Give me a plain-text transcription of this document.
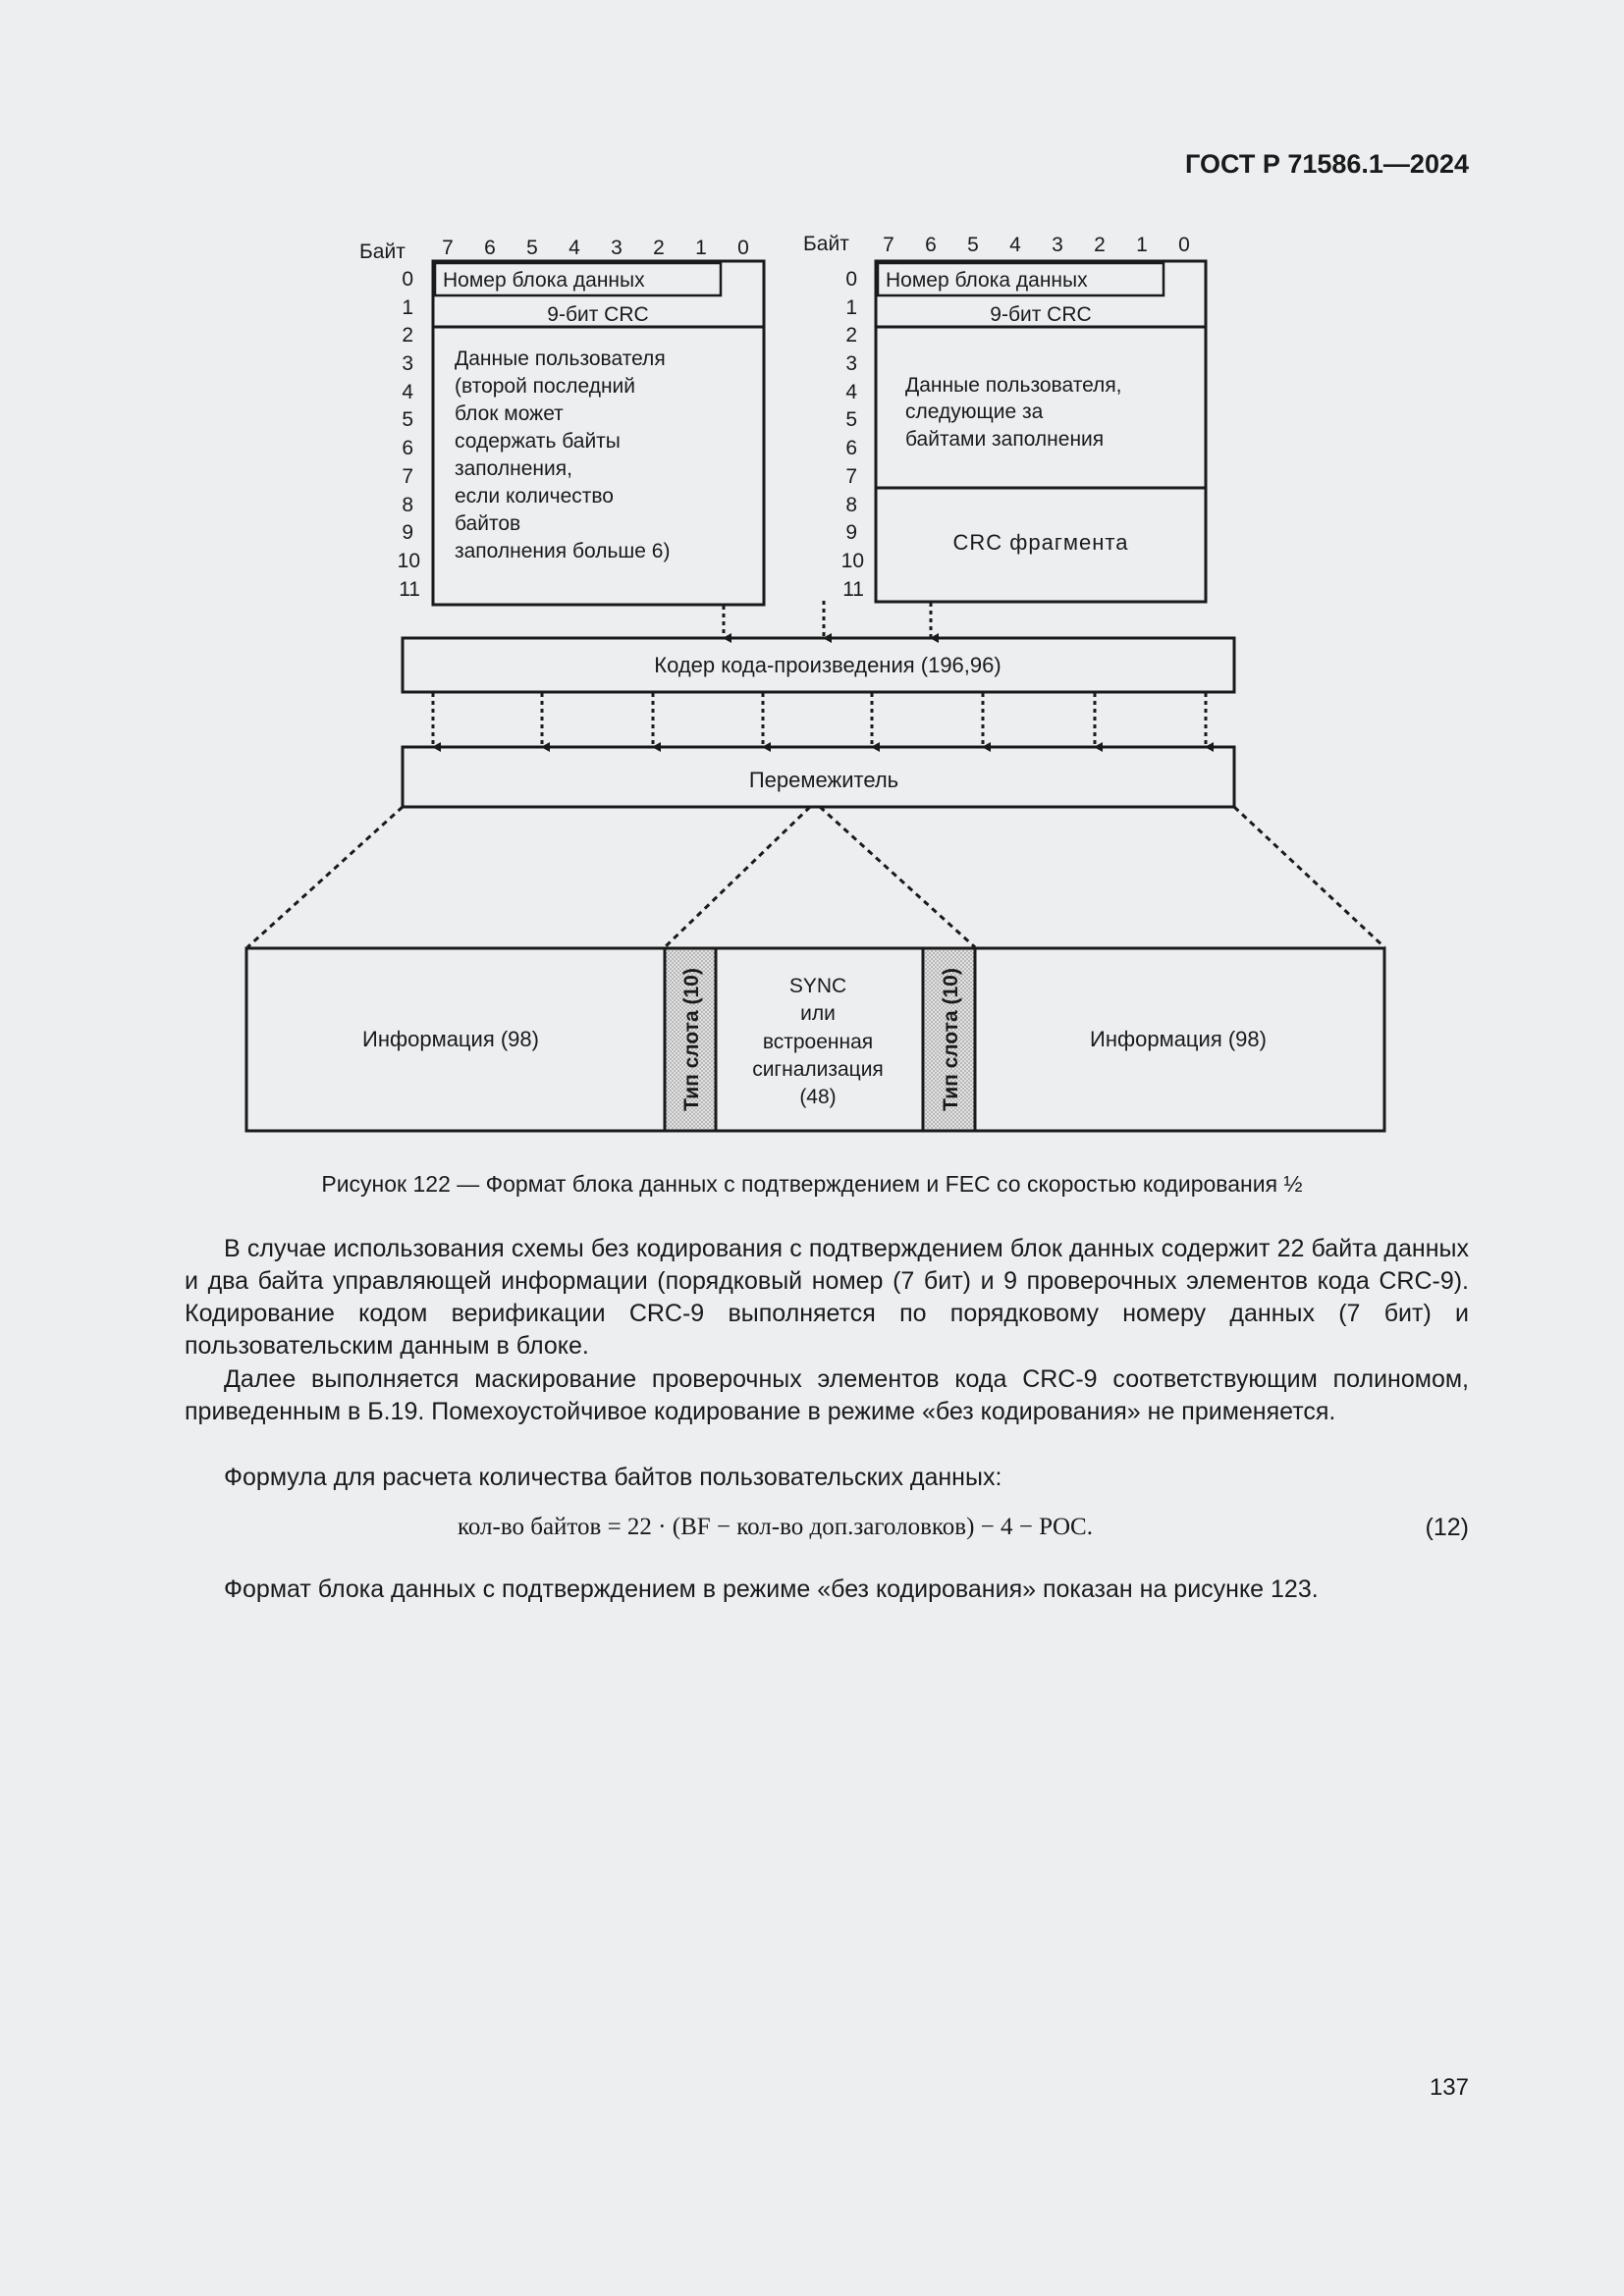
ГОСТ Р 71586.1—2024
Байт 7 6 5 4 3 2 1 0
0
1
2
3
4
5
6
7
8
9
10
11
Номер блока данных
9-бит CRC
Данные пользователя
(второй последний
блок может
содержать байты
заполнения,
если количество
байтов
заполнения больше 6)
Байт 7 6 5 4 3 2 1 0
0
1
2
3
4
5
6
7
8
9
10
11
Номер блока данных
9-бит CRC
Данные пользователя,
следующие за
байтами заполнения
CRC фрагмента
Кодер кода-произведения (196,96)
Перемежитель
Информация (98)	Тип слота (10)	SYNC
или
встроенная
сигнализация
(48)	Тип слота (10)	Информация (98)
Рисунок 122 — Формат блока данных с подтверждением и FEC со скоростью кодирования ½
В случае использования схемы без кодирования с подтверждением блок данных содержит 22 байта данных и два байта управляющей информации (порядковый номер (7 бит) и 9 проверочных элементов кода CRC-9). Кодирование кодом верификации CRC-9 выполняется по порядковому номеру данных (7 бит) и пользовательским данным в блоке.
Далее выполняется маскирование проверочных элементов кода CRC-9 соответствующим полиномом, приведенным в Б.19. Помехоустойчивое кодирование в режиме «без кодирования» не применяется.
Формула для расчета количества байтов пользовательских данных:
кол-во байтов = 22 · (BF − кол-во доп.заголовков) − 4 − POC.	(12)
Формат блока данных с подтверждением в режиме «без кодирования» показан на рисунке 123.
137
